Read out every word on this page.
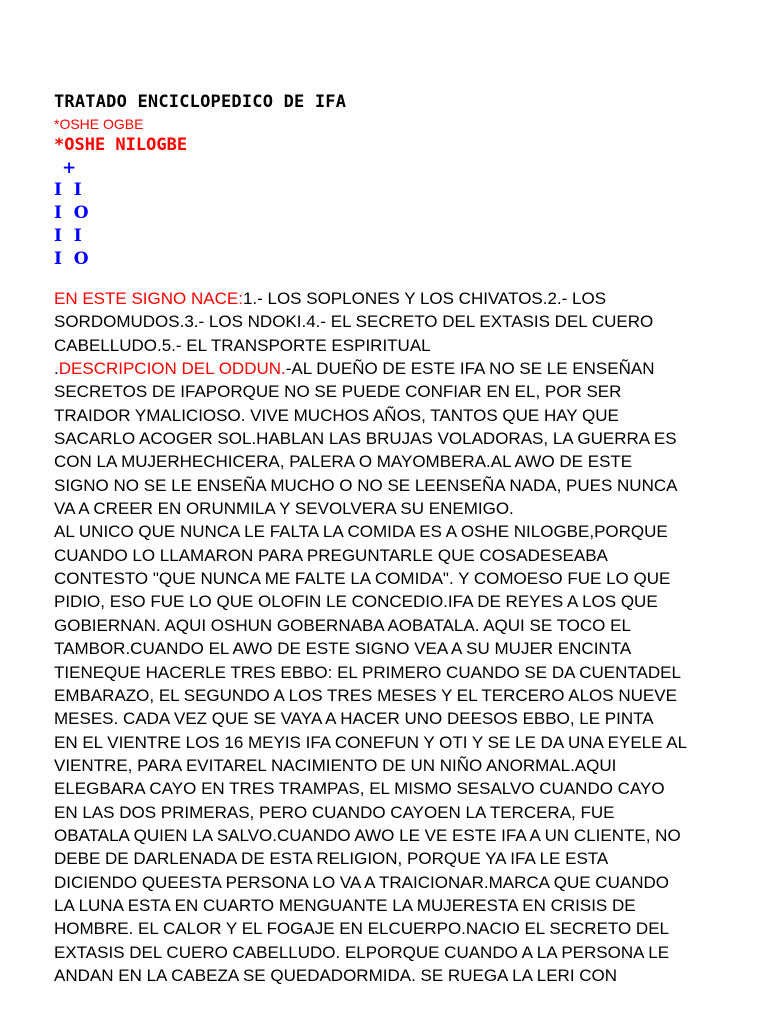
TRATADO ENCICLOPEDICO DE IFA
*OSHE OGBE
*OSHE NILOGBE
+
I  I
I  O
I  I
I  O
EN ESTE SIGNO NACE:1.- LOS SOPLONES Y LOS CHIVATOS.2.- LOS
SORDOMUDOS.3.- LOS NDOKI.4.- EL SECRETO DEL EXTASIS DEL CUERO
CABELLUDO.5.- EL TRANSPORTE ESPIRITUAL
.DESCRIPCION DEL ODDUN.-AL DUEÑO DE ESTE IFA NO SE LE ENSEÑAN
SECRETOS DE IFAPORQUE NO SE PUEDE CONFIAR EN EL, POR SER
TRAIDOR YMALICIOSO. VIVE MUCHOS AÑOS, TANTOS QUE HAY QUE
SACARLO ACOGER SOL.HABLAN LAS BRUJAS VOLADORAS, LA GUERRA ES
CON LA MUJERHECHICERA, PALERA O MAYOMBERA.AL AWO DE ESTE
SIGNO NO SE LE ENSEÑA MUCHO O NO SE LEENSEÑA NADA, PUES NUNCA
VA A CREER EN ORUNMILA Y SEVOLVERA SU ENEMIGO.
AL UNICO QUE NUNCA LE FALTA LA COMIDA ES A OSHE NILOGBE,PORQUE
CUANDO LO LLAMARON PARA PREGUNTARLE QUE COSADESEABA
CONTESTO "QUE NUNCA ME FALTE LA COMIDA". Y COMOESO FUE LO QUE
PIDIO, ESO FUE LO QUE OLOFIN LE CONCEDIO.IFA DE REYES A LOS QUE
GOBIERNAN. AQUI OSHUN GOBERNABA AOBATALA. AQUI SE TOCO EL
TAMBOR.CUANDO EL AWO DE ESTE SIGNO VEA A SU MUJER ENCINTA
TIENEQUE HACERLE TRES EBBO: EL PRIMERO CUANDO SE DA CUENTADEL
EMBARAZO, EL SEGUNDO A LOS TRES MESES Y EL TERCERO ALOS NUEVE
MESES. CADA VEZ QUE SE VAYA A HACER UNO DEESOS EBBO, LE PINTA
EN EL VIENTRE LOS 16 MEYIS IFA CONEFUN Y OTI Y SE LE DA UNA EYELE AL
VIENTRE, PARA EVITAREL NACIMIENTO DE UN NIÑO ANORMAL.AQUI
ELEGBARA CAYO EN TRES TRAMPAS, EL MISMO SESALVO CUANDO CAYO
EN LAS DOS PRIMERAS, PERO CUANDO CAYOEN LA TERCERA, FUE
OBATALA QUIEN LA SALVO.CUANDO AWO LE VE ESTE IFA A UN CLIENTE, NO
DEBE DE DARLENADA DE ESTA RELIGION, PORQUE YA IFA LE ESTA
DICIENDO QUEESTA PERSONA LO VA A TRAICIONAR.MARCA QUE CUANDO
LA LUNA ESTA EN CUARTO MENGUANTE LA MUJERESTA EN CRISIS DE
HOMBRE. EL CALOR Y EL FOGAJE EN ELCUERPO.NACIO EL SECRETO DEL
EXTASIS DEL CUERO CABELLUDO. ELPORQUE CUANDO A LA PERSONA LE
ANDAN EN LA CABEZA SE QUEDADORMIDA. SE RUEGA LA LERI CON
